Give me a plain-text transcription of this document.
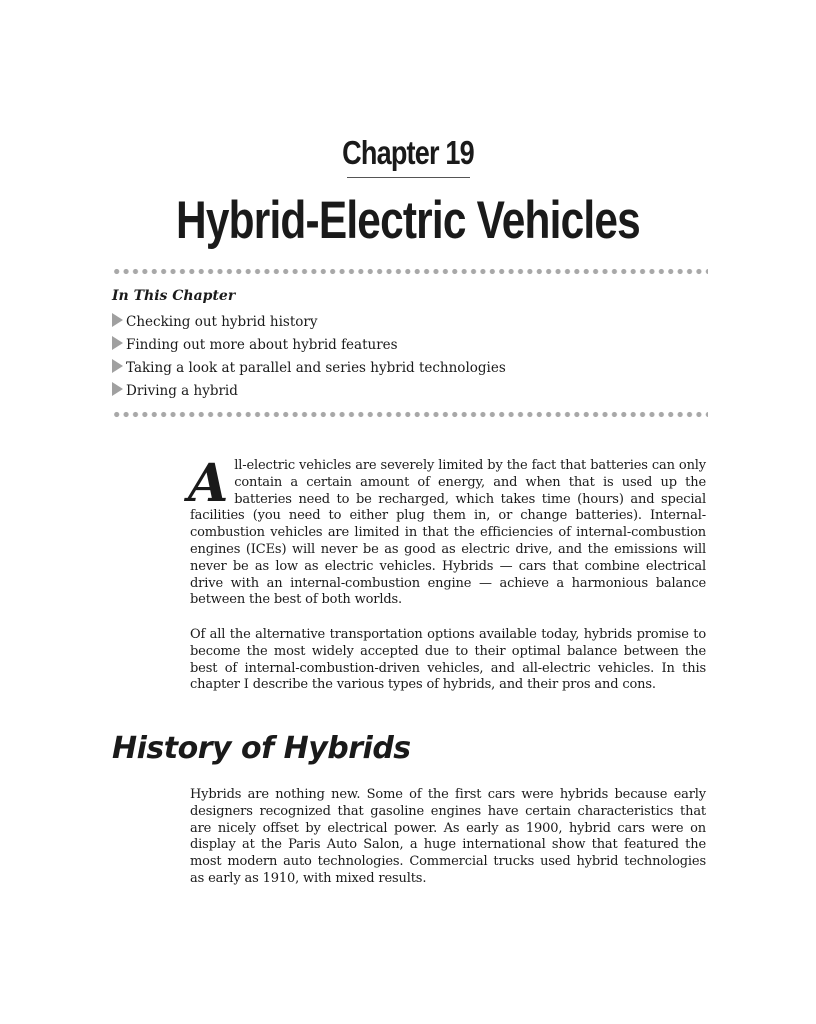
Chapter 19
Hybrid-Electric Vehicles
In This Chapter
Checking out hybrid history
Finding out more about hybrid features
Taking a look at parallel and series hybrid technologies
Driving a hybrid
All-electric vehicles are severely limited by the fact that batteries can only contain a certain amount of energy, and when that is used up the batteries need to be recharged, which takes time (hours) and special facilities (you need to either plug them in, or change batteries). Internal-combustion vehicles are limited in that the efficiencies of internal-combustion engines (ICEs) will never be as good as electric drive, and the emissions will never be as low as electric vehicles. Hybrids — cars that combine electrical drive with an internal-combustion engine — achieve a harmonious balance between the best of both worlds.

Of all the alternative transportation options available today, hybrids promise to become the most widely accepted due to their optimal balance between the best of internal-combustion-driven vehicles, and all-electric vehicles. In this chapter I describe the various types of hybrids, and their pros and cons.

History of Hybrids

Hybrids are nothing new. Some of the first cars were hybrids because early designers recognized that gasoline engines have certain characteristics that are nicely offset by electrical power. As early as 1900, hybrid cars were on display at the Paris Auto Salon, a huge international show that featured the most modern auto technologies. Commercial trucks used hybrid technologies as early as 1910, with mixed results.
